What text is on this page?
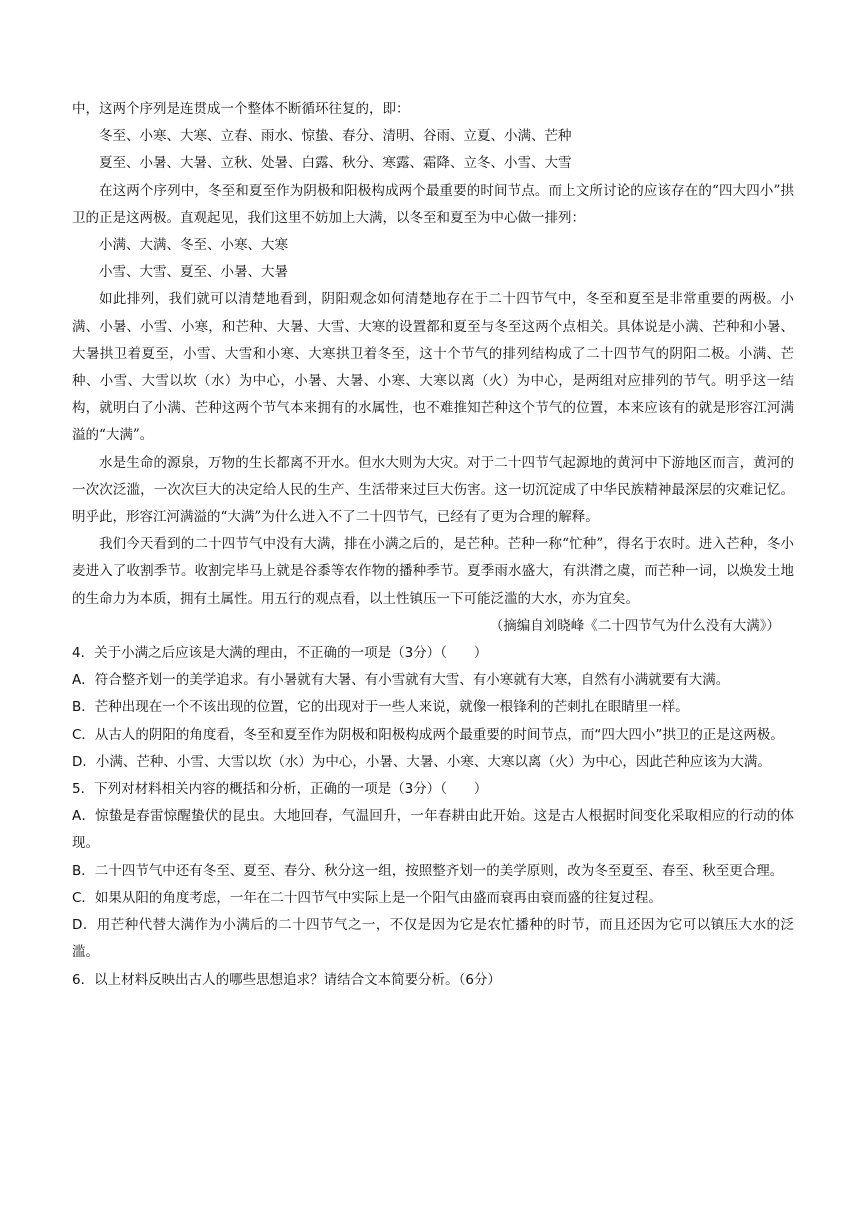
中，这两个序列是连贯成一个整体不断循环往复的，即：

冬至、小寒、大寒、立春、雨水、惊蛰、春分、清明、谷雨、立夏、小满、芒种

夏至、小暑、大暑、立秋、处暑、白露、秋分、寒露、霜降、立冬、小雪、大雪

在这两个序列中，冬至和夏至作为阴极和阳极构成两个最重要的时间节点。而上文所讨论的应该存在的“四大四小”拱卫的正是这两极。直观起见，我们这里不妨加上大满，以冬至和夏至为中心做一排列：

小满、大满、冬至、小寒、大寒

小雪、大雪、夏至、小暑、大暑

如此排列，我们就可以清楚地看到，阴阳观念如何清楚地存在于二十四节气中，冬至和夏至是非常重要的两极。小满、小暑、小雪、小寒，和芒种、大暑、大雪、大寒的设置都和夏至与冬至这两个点相关。具体说是小满、芒种和小暑、大暑拱卫着夏至，小雪、大雪和小寒、大寒拱卫着冬至，这十个节气的排列结构成了二十四节气的阴阳二极。小满、芒种、小雪、大雪以坎（水）为中心，小暑、大暑、小寒、大寒以离（火）为中心，是两组对应排列的节气。明乎这一结构，就明白了小满、芒种这两个节气本来拥有的水属性，也不难推知芒种这个节气的位置，本来应该有的就是形容江河满溢的“大满”。

水是生命的源泉，万物的生长都离不开水。但水大则为大灾。对于二十四节气起源地的黄河中下游地区而言，黄河的一次次泛滥，一次次巨大的决定给人民的生产、生活带来过巨大伤害。这一切沉淀成了中华民族精神最深层的灾难记忆。明乎此，形容江河满溢的“大满”为什么进入不了二十四节气，已经有了更为合理的解释。

我们今天看到的二十四节气中没有大满，排在小满之后的，是芒种。芒种一称“忙种”，得名于农时。进入芒种，冬小麦进入了收割季节。收割完毕马上就是谷黍等农作物的播种季节。夏季雨水盛大，有洪潸之虞，而芒种一词，以焕发土地的生命力为本质，拥有土属性。用五行的观点看，以土性镇压一下可能泛滥的大水，亦为宜矣。

（摘编自刘晓峰《二十四节气为什么没有大满》）

4．关于小满之后应该是大满的理由，不正确的一项是（3分）（　　）

A．符合整齐划一的美学追求。有小暑就有大暑、有小雪就有大雪、有小寒就有大寒，自然有小满就要有大满。

B．芒种出现在一个不该出现的位置，它的出现对于一些人来说，就像一根锋利的芒刺扎在眼睛里一样。

C．从古人的阴阳的角度看，冬至和夏至作为阴极和阳极构成两个最重要的时间节点，而“四大四小”拱卫的正是这两极。

D．小满、芒种、小雪、大雪以坎（水）为中心，小暑、大暑、小寒、大寒以离（火）为中心，因此芒种应该为大满。

5．下列对材料相关内容的概括和分析，正确的一项是（3分）（　　）

A．惊蛰是春雷惊醒蛰伏的昆虫。大地回春，气温回升，一年春耕由此开始。这是古人根据时间变化采取相应的行动的体现。

B．二十四节气中还有冬至、夏至、春分、秋分这一组，按照整齐划一的美学原则，改为冬至夏至、春至、秋至更合理。

C．如果从阳的角度考虑，一年在二十四节气中实际上是一个阳气由盛而衰再由衰而盛的往复过程。

D．用芒种代替大满作为小满后的二十四节气之一，不仅是因为它是农忙播种的时节，而且还因为它可以镇压大水的泛滥。

6．以上材料反映出古人的哪些思想追求？请结合文本简要分析。（6分）
